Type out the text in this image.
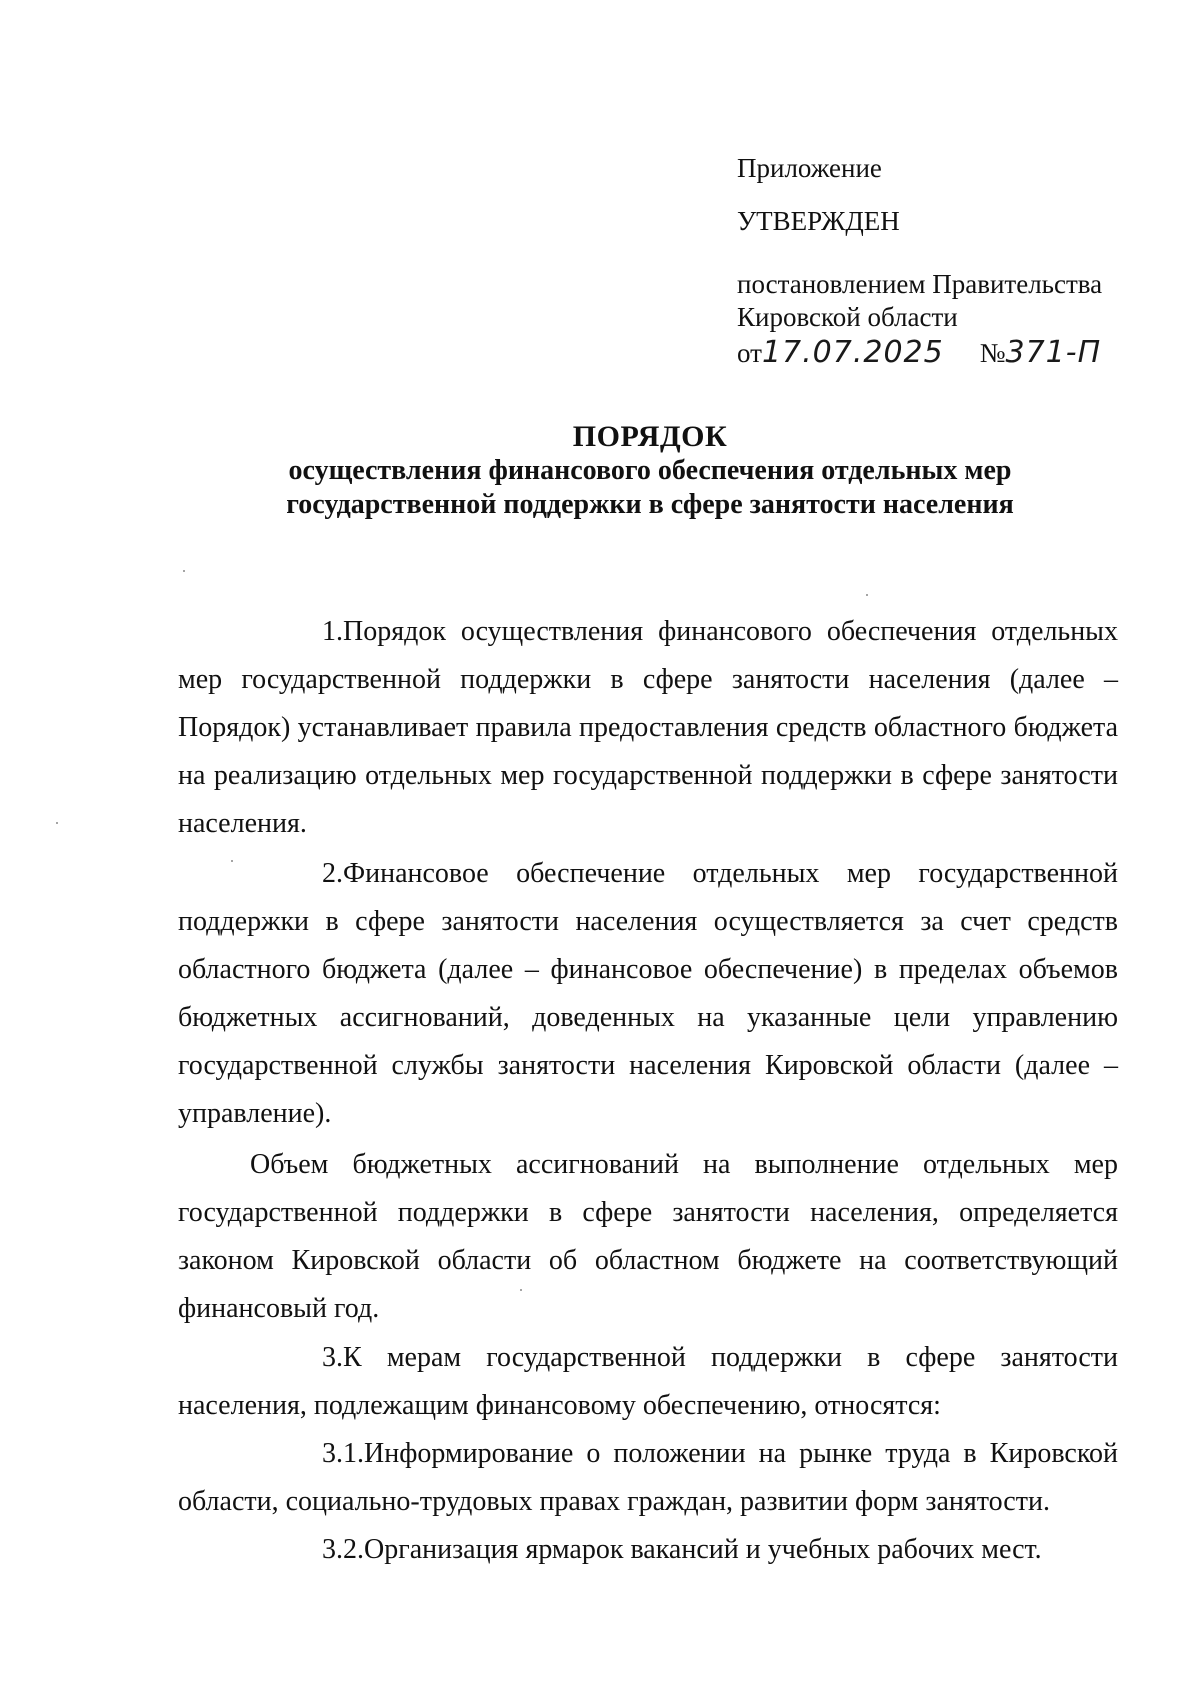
Приложение
УТВЕРЖДЕН
постановлением Правительства
Кировской области
от17.07.2025 №371-П
ПОРЯДОК
осуществления финансового обеспечения отдельных мер
государственной поддержки в сфере занятости населения
1.Порядок осуществления финансового обеспечения отдельных мер государственной поддержки в сфере занятости населения (далее – Порядок) устанавливает правила предоставления средств областного бюджета на реализацию отдельных мер государственной поддержки в сфере занятости населения.
2.Финансовое обеспечение отдельных мер государственной поддержки в сфере занятости населения осуществляется за счет средств областного бюджета (далее – финансовое обеспечение) в пределах объемов бюджетных ассигнований, доведенных на указанные цели управлению государственной службы занятости населения Кировской области (далее – управление).
Объем бюджетных ассигнований на выполнение отдельных мер государственной поддержки в сфере занятости населения, определяется законом Кировской области об областном бюджете на соответствующий финансовый год.
3.К мерам государственной поддержки в сфере занятости населения, подлежащим финансовому обеспечению, относятся:
3.1.Информирование о положении на рынке труда в Кировской области, социально-трудовых правах граждан, развитии форм занятости.
3.2.Организация ярмарок вакансий и учебных рабочих мест.
